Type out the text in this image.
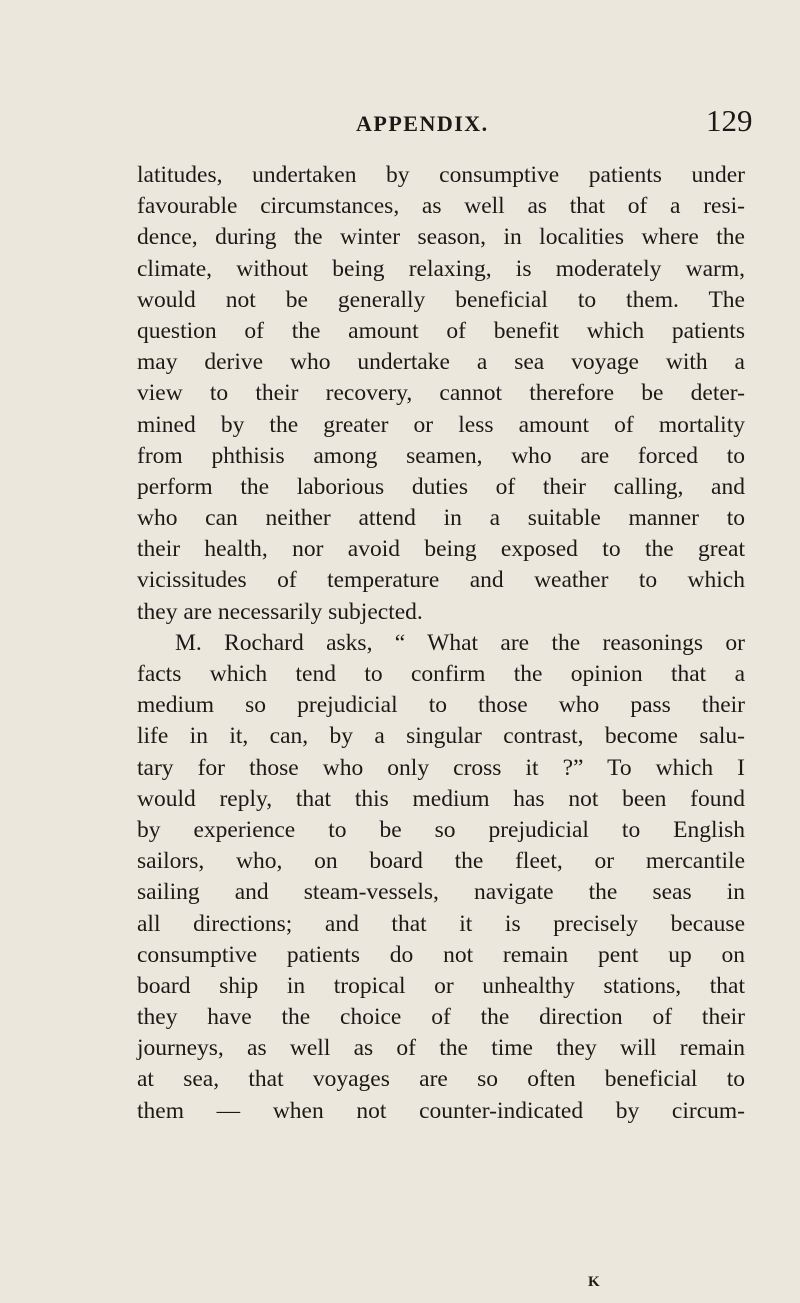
APPENDIX.	129
latitudes, undertaken by consumptive patients under
favourable circumstances, as well as that of a resi-
dence, during the winter season, in localities where the
climate, without being relaxing, is moderately warm,
would not be generally beneficial to them. The
question of the amount of benefit which patients
may derive who undertake a sea voyage with a
view to their recovery, cannot therefore be deter-
mined by the greater or less amount of mortality
from phthisis among seamen, who are forced to
perform the laborious duties of their calling, and
who can neither attend in a suitable manner to
their health, nor avoid being exposed to the great
vicissitudes of temperature and weather to which
they are necessarily subjected.
M. Rochard asks, “ What are the reasonings or
facts which tend to confirm the opinion that a
medium so prejudicial to those who pass their
life in it, can, by a singular contrast, become salu-
tary for those who only cross it ?” To which I
would reply, that this medium has not been found
by experience to be so prejudicial to English
sailors, who, on board the fleet, or mercantile
sailing and steam-vessels, navigate the seas in
all directions; and that it is precisely because
consumptive patients do not remain pent up on
board ship in tropical or unhealthy stations, that
they have the choice of the direction of their
journeys, as well as of the time they will remain
at sea, that voyages are so often beneficial to
them — when not counter-indicated by circum-
K
